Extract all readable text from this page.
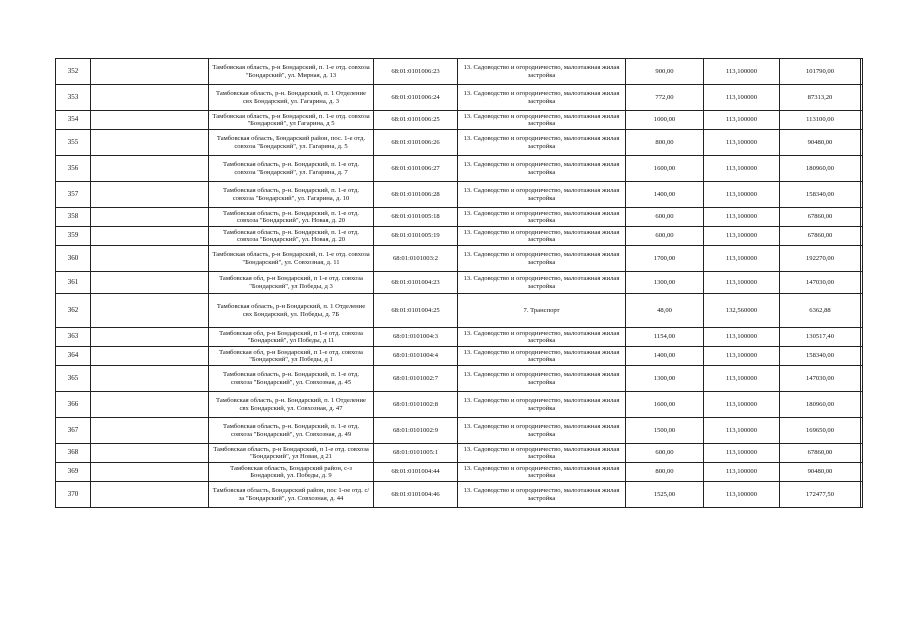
352		Тамбовская область, р-н Бондарский, п. 1-е отд. совхоза "Бондарский", ул. Мирная, д. 13	68:01:0101006:23	13. Садоводство и огородничество, малоэтажная жилая застройка	900,00	113,100000	101790,00	
353		Тамбовская область, р-н. Бондарский, п. 1 Отделение свх Бондарский, ул. Гагарина, д. 3	68:01:0101006:24	13. Садоводство и огородничество, малоэтажная жилая застройка	772,00	113,100000	87313,20	
354		Тамбовская область, р-н Бондарский, п. 1-е отд. совхоза "Бондарский", ул Гагарина, д 5	68:01:0101006:25	13. Садоводство и огородничество, малоэтажная жилая застройка	1000,00	113,100000	113100,00	
355		Тамбовская область, Бондарский район, пос. 1-е отд. совхоза "Бондарский", ул. Гагарина, д. 5	68:01:0101006:26	13. Садоводство и огородничество, малоэтажная жилая застройка	800,00	113,100000	90480,00	
356		Тамбовская область, р-н. Бондарский, п. 1-е отд. совхоза "Бондарский", ул. Гагарина, д. 7	68:01:0101006:27	13. Садоводство и огородничество, малоэтажная жилая застройка	1600,00	113,100000	180960,00	
357		Тамбовская область, р-н. Бондарский, п. 1-е отд. совхоза "Бондарский", ул. Гагарина, д. 10	68:01:0101006:28	13. Садоводство и огородничество, малоэтажная жилая застройка	1400,00	113,100000	158340,00	
358		Тамбовская область, р-н. Бондарский, п. 1-е отд. совхоза "Бондарский", ул. Новая, д. 20	68:01:0101005:18	13. Садоводство и огородничество, малоэтажная жилая застройка	600,00	113,100000	67860,00	
359		Тамбовская область, р-н. Бондарский, п. 1-е отд. совхоза "Бондарский", ул. Новая, д. 20	68:01:0101005:19	13. Садоводство и огородничество, малоэтажная жилая застройка	600,00	113,100000	67860,00	
360		Тамбовская область, р-н Бондарский, п. 1-е отд. совхоза "Бондарский", ул. Совхозная, д. 11	68:01:0101003:2	13. Садоводство и огородничество, малоэтажная жилая застройка	1700,00	113,100000	192270,00	
361		Тамбовская обл, р-н Бондарский, п 1-е отд. совхоза "Бондарский", ул Победы, д 3	68:01:0101004:23	13. Садоводство и огородничество, малоэтажная жилая застройка	1300,00	113,100000	147030,00	
362		Тамбовская область, р-н Бондарский, п. 1 Отделение свх Бондарский, ул. Победы, д. 7Б	68:01:0101004:25	7. Транспорт	48,00	132,560000	6362,88	
363		Тамбовская обл, р-н Бондарский, п 1-е отд. совхоза "Бондарский", ул Победы, д 11	68:01:0101004:3	13. Садоводство и огородничество, малоэтажная жилая застройка	1154,00	113,100000	130517,40	
364		Тамбовская обл, р-н Бондарский, п 1-е отд. совхоза "Бондарский", ул Победы, д 1	68:01:0101004:4	13. Садоводство и огородничество, малоэтажная жилая застройка	1400,00	113,100000	158340,00	
365		Тамбовская область, р-н. Бондарский, п. 1-е отд. совхоза "Бондарский", ул. Совхозная, д. 45	68:01:0101002:7	13. Садоводство и огородничество, малоэтажная жилая застройка	1300,00	113,100000	147030,00	
366		Тамбовская область, р-н. Бондарский, п. 1 Отделение свх Бондарский, ул. Совхозная, д. 47	68:01:0101002:8	13. Садоводство и огородничество, малоэтажная жилая застройка	1600,00	113,100000	180960,00	
367		Тамбовская область, р-н. Бондарский, п. 1-е отд. совхоза "Бондарский", ул. Совхозная, д. 49	68:01:0101002:9	13. Садоводство и огородничество, малоэтажная жилая застройка	1500,00	113,100000	169650,00	
368		Тамбовская область, р-н Бондарский, п 1-е отд. совхоза "Бондарский", ул Новая, д 21	68:01:0101005:1	13. Садоводство и огородничество, малоэтажная жилая застройка	600,00	113,100000	67860,00	
369		Тамбовская область, Бондарский район, с-з Бондарский, ул. Победы, д. 9	68:01:0101004:44	13. Садоводство и огородничество, малоэтажная жилая застройка	800,00	113,100000	90480,00	
370		Тамбовская область, Бондарский район, пос 1-ое отд. с/за "Бондарский", ул. Совхозная, д. 44	68:01:0101004:46	13. Садоводство и огородничество, малоэтажная жилая застройка	1525,00	113,100000	172477,50	
